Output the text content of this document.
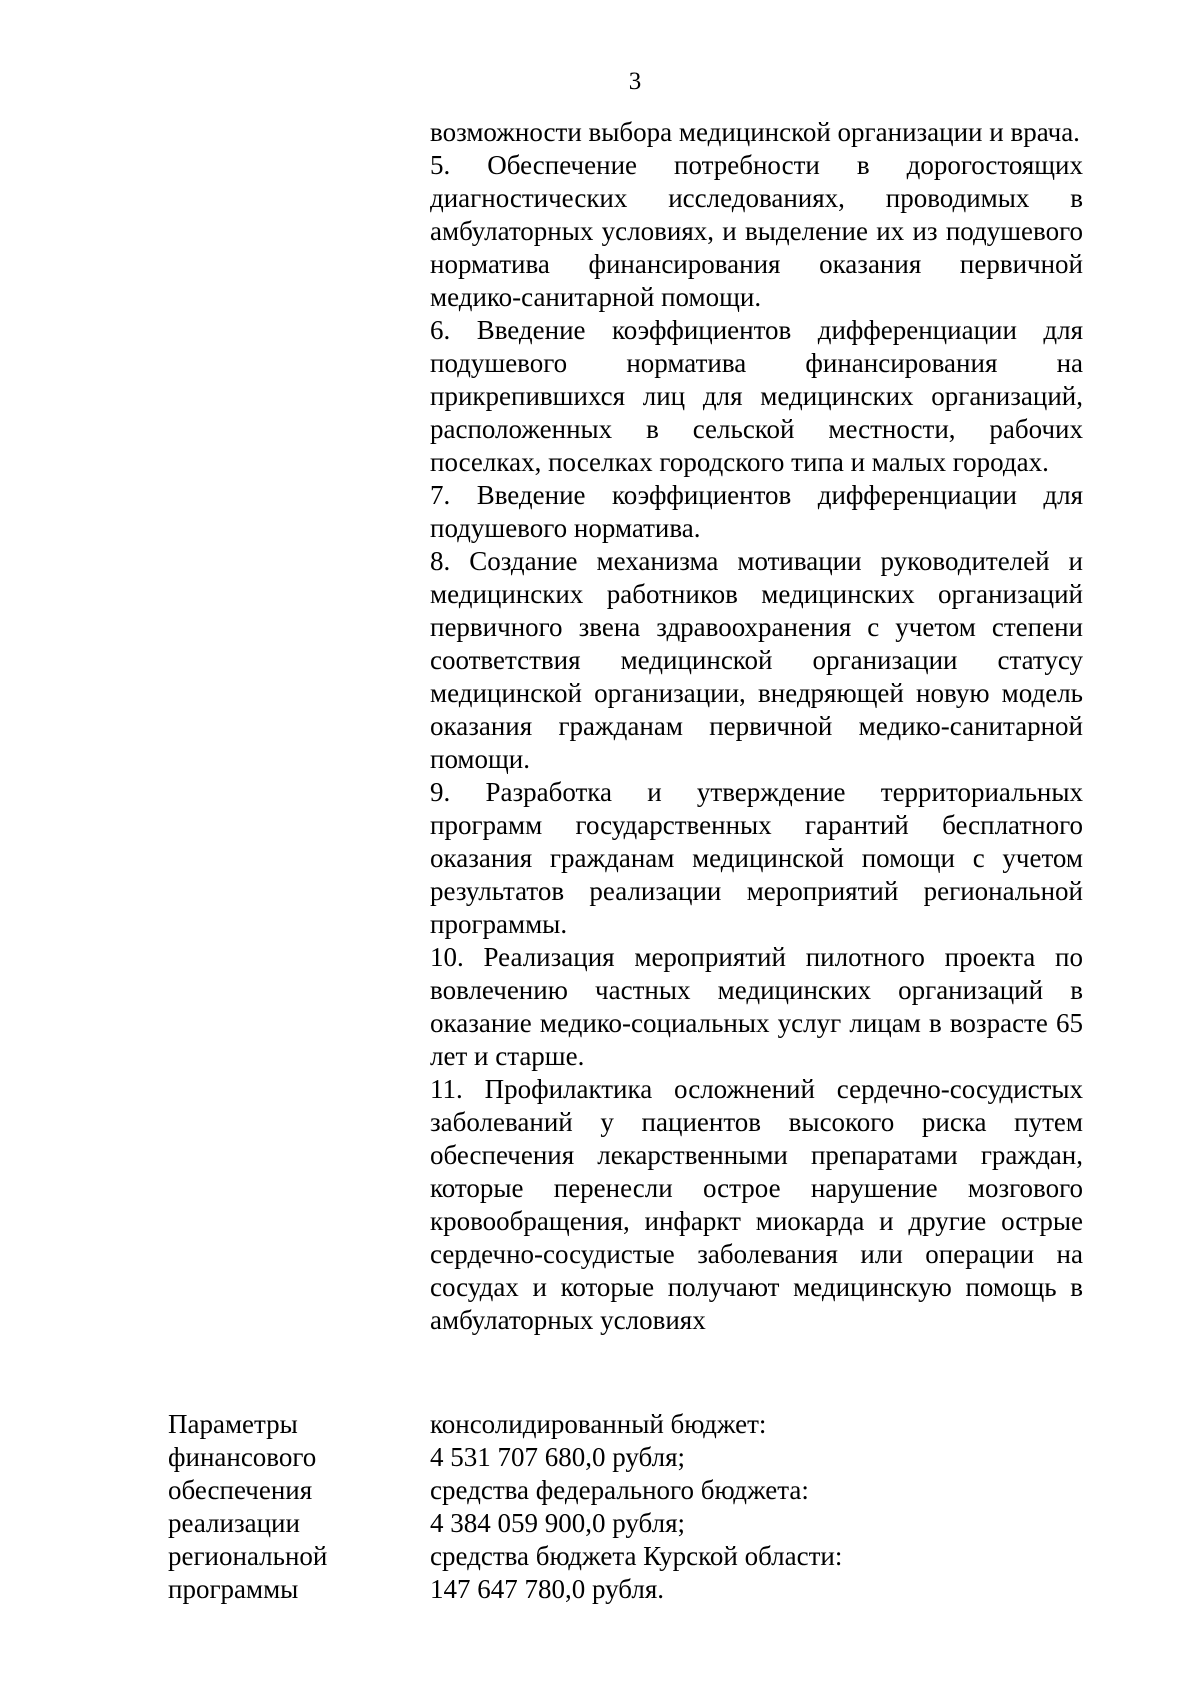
3

возможности выбора медицинской организации и врача.

5. Обеспечение потребности в дорогостоящих диагностических исследованиях, проводимых в амбулаторных условиях, и выделение их из подушевого норматива финансирования оказания первичной медико-санитарной помощи.

6. Введение коэффициентов дифференциации для подушевого норматива финансирования на прикрепившихся лиц для медицинских организаций, расположенных в сельской местности, рабочих поселках, поселках городского типа и малых городах.

7. Введение коэффициентов дифференциации для подушевого норматива.

8. Создание механизма мотивации руководителей и медицинских работников медицинских организаций первичного звена здравоохранения с учетом степени соответствия медицинской организации статусу медицинской организации, внедряющей новую модель оказания гражданам первичной медико-санитарной помощи.

9. Разработка и утверждение территориальных программ государственных гарантий бесплатного оказания гражданам медицинской помощи с учетом результатов реализации мероприятий региональной программы.

10. Реализация мероприятий пилотного проекта по вовлечению частных медицинских организаций в оказание медико-социальных услуг лицам в возрасте 65 лет и старше.

11. Профилактика осложнений сердечно-сосудистых заболеваний у пациентов высокого риска путем обеспечения лекарственными препаратами граждан, которые перенесли острое нарушение мозгового кровообращения, инфаркт миокарда и другие острые сердечно-сосудистые заболевания или операции на сосудах и которые получают медицинскую помощь в амбулаторных условиях

Параметры
финансового
обеспечения
реализации
региональной
программы
консолидированный бюджет:
4 531 707 680,0 рубля;
средства федерального бюджета:
4 384 059 900,0 рубля;
средства бюджета Курской области:
147 647 780,0 рубля.
